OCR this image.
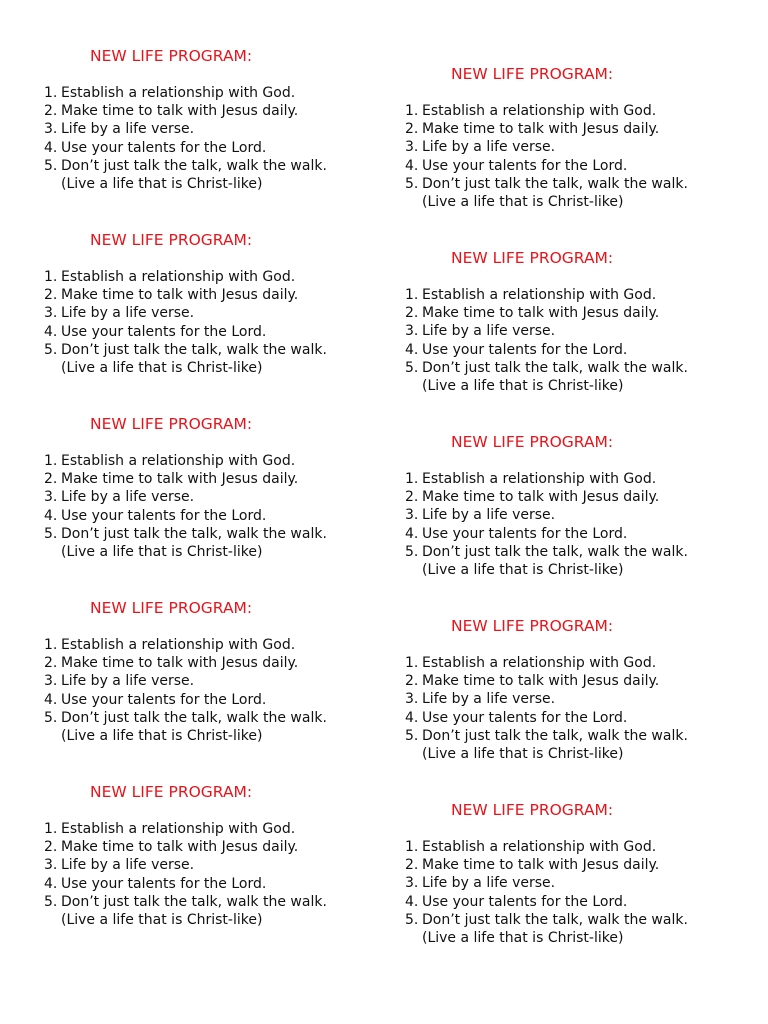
NEW LIFE PROGRAM:
1. Establish a relationship with God.
2. Make time to talk with Jesus daily.
3. Life by a life verse.
4. Use your talents for the Lord.
5. Don’t just talk the talk, walk the walk.
(Live a life that is Christ-like)
NEW LIFE PROGRAM:
1. Establish a relationship with God.
2. Make time to talk with Jesus daily.
3. Life by a life verse.
4. Use your talents for the Lord.
5. Don’t just talk the talk, walk the walk.
(Live a life that is Christ-like)
NEW LIFE PROGRAM:
1. Establish a relationship with God.
2. Make time to talk with Jesus daily.
3. Life by a life verse.
4. Use your talents for the Lord.
5. Don’t just talk the talk, walk the walk.
(Live a life that is Christ-like)
NEW LIFE PROGRAM:
1. Establish a relationship with God.
2. Make time to talk with Jesus daily.
3. Life by a life verse.
4. Use your talents for the Lord.
5. Don’t just talk the talk, walk the walk.
(Live a life that is Christ-like)
NEW LIFE PROGRAM:
1. Establish a relationship with God.
2. Make time to talk with Jesus daily.
3. Life by a life verse.
4. Use your talents for the Lord.
5. Don’t just talk the talk, walk the walk.
(Live a life that is Christ-like)
NEW LIFE PROGRAM:
1. Establish a relationship with God.
2. Make time to talk with Jesus daily.
3. Life by a life verse.
4. Use your talents for the Lord.
5. Don’t just talk the talk, walk the walk.
(Live a life that is Christ-like)
NEW LIFE PROGRAM:
1. Establish a relationship with God.
2. Make time to talk with Jesus daily.
3. Life by a life verse.
4. Use your talents for the Lord.
5. Don’t just talk the talk, walk the walk.
(Live a life that is Christ-like)
NEW LIFE PROGRAM:
1. Establish a relationship with God.
2. Make time to talk with Jesus daily.
3. Life by a life verse.
4. Use your talents for the Lord.
5. Don’t just talk the talk, walk the walk.
(Live a life that is Christ-like)
NEW LIFE PROGRAM:
1. Establish a relationship with God.
2. Make time to talk with Jesus daily.
3. Life by a life verse.
4. Use your talents for the Lord.
5. Don’t just talk the talk, walk the walk.
(Live a life that is Christ-like)
NEW LIFE PROGRAM:
1. Establish a relationship with God.
2. Make time to talk with Jesus daily.
3. Life by a life verse.
4. Use your talents for the Lord.
5. Don’t just talk the talk, walk the walk.
(Live a life that is Christ-like)
